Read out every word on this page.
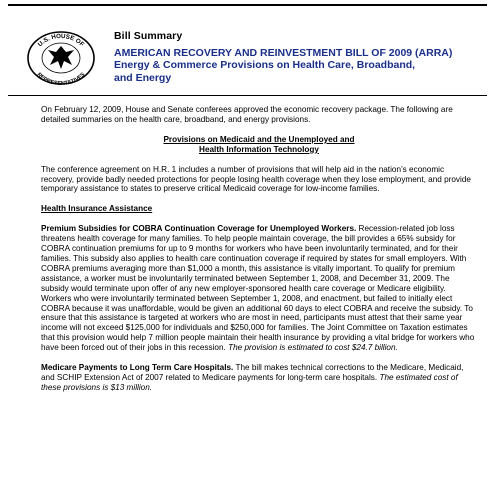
U.S. HOUSE OF
REPRESENTATIVES
Bill Summary
AMERICAN RECOVERY AND REINVESTMENT BILL OF 2009 (ARRA)
Energy & Commerce Provisions on Health Care, Broadband,
and Energy

On February 12, 2009, House and Senate conferees approved the economic recovery package. The following are detailed summaries on the health care, broadband, and energy provisions.

Provisions on Medicaid and the Unemployed and
Health Information Technology

The conference agreement on H.R. 1 includes a number of provisions that will help aid in the nation’s economic recovery, provide badly needed protections for people losing health coverage when they lose employment, and provide temporary assistance to states to preserve critical Medicaid coverage for low-income families.

Health Insurance Assistance

Premium Subsidies for COBRA Continuation Coverage for Unemployed Workers. Recession-related job loss threatens health coverage for many families. To help people maintain coverage, the bill provides a 65% subsidy for COBRA continuation premiums for up to 9 months for workers who have been involuntarily terminated, and for their families. This subsidy also applies to health care continuation coverage if required by states for small employers. With COBRA premiums averaging more than $1,000 a month, this assistance is vitally important. To qualify for premium assistance, a worker must be involuntarily terminated between September 1, 2008, and December 31, 2009. The subsidy would terminate upon offer of any new employer-sponsored health care coverage or Medicare eligibility. Workers who were involuntarily terminated between September 1, 2008, and enactment, but failed to initially elect COBRA because it was unaffordable, would be given an additional 60 days to elect COBRA and receive the subsidy. To ensure that this assistance is targeted at workers who are most in need, participants must attest that their same year income will not exceed $125,000 for individuals and $250,000 for families. The Joint Committee on Taxation estimates that this provision would help 7 million people maintain their health insurance by providing a vital bridge for workers who have been forced out of their jobs in this recession. The provision is estimated to cost $24.7 billion.

Medicare Payments to Long Term Care Hospitals. The bill makes technical corrections to the Medicare, Medicaid, and SCHIP Extension Act of 2007 related to Medicare payments for long-term care hospitals. The estimated cost of these provisions is $13 million.
